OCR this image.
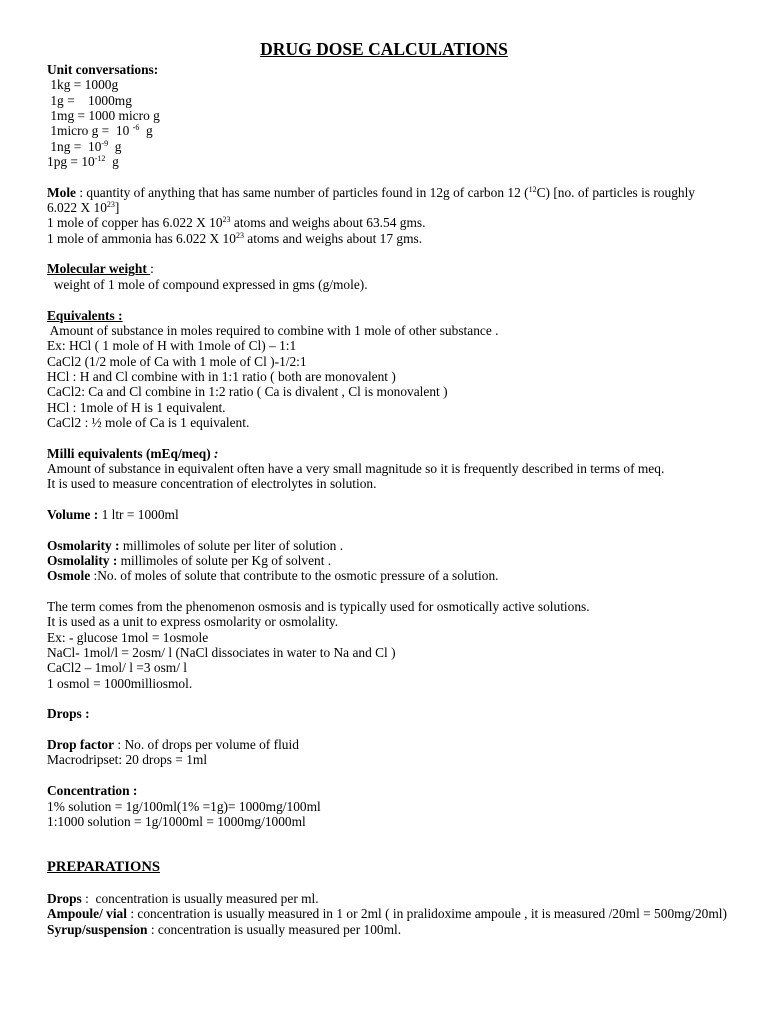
DRUG DOSE CALCULATIONS
Unit conversations:
1kg = 1000g
1g =    1000mg
1mg = 1000 micro g
1micro g =  10 $^{-6}$  g
$1ng = 10^{-9}$  g
$1pg = 10^{-12}$  g
Mole : quantity of anything that has same number of particles found in 12g of carbon 12 ($^{12}$C) [no. of particles is roughly 6.022 X $10^{23}$]
1 mole of copper has 6.022 X $10^{23}$ atoms and weighs about 63.54 gms.
1 mole of ammonia has 6.022 X $10^{23}$ atoms and weighs about 17 gms.
Molecular weight :
weight of 1 mole of compound expressed in gms (g/mole).
Equivalents :
Amount of substance in moles required to combine with 1 mole of other substance .
Ex: HCl ( 1 mole of H with 1mole of Cl) – 1:1
CaCl2 (1/2 mole of Ca with 1 mole of Cl )-1/2:1
HCl : H and Cl combine with in 1:1 ratio ( both are monovalent )
CaCl2: Ca and Cl combine in 1:2 ratio ( Ca is divalent , Cl is monovalent )
HCl : 1mole of H is 1 equivalent.
CaCl2 : ½ mole of Ca is 1 equivalent.
Milli equivalents (mEq/meq) :
Amount of substance in equivalent often have a very small magnitude so it is frequently described in terms of meq.
It is used to measure concentration of electrolytes in solution.
Volume : 1 ltr = 1000ml
Osmolarity : millimoles of solute per liter of solution .
Osmolality : millimoles of solute per Kg of solvent .
Osmole :No. of moles of solute that contribute to the osmotic pressure of a solution.
The term comes from the phenomenon osmosis and is typically used for osmotically active solutions.
It is used as a unit to express osmolarity or osmolality.
Ex: - glucose 1mol = 1osmole
NaCl- 1mol/l = 2osm/ l (NaCl dissociates in water to Na and Cl )
CaCl2 – 1mol/ l =3 osm/ l
1 osmol = 1000milliosmol.
Drops :
Drop factor : No. of drops per volume of fluid
Macrodripset: 20 drops = 1ml
Concentration :
1% solution = 1g/100ml(1% =1g)= 1000mg/100ml
1:1000 solution = 1g/1000ml = 1000mg/1000ml
PREPARATIONS
Drops :  concentration is usually measured per ml.
Ampoule/ vial : concentration is usually measured in 1 or 2ml ( in pralidoxime ampoule , it is measured /20ml = 500mg/20ml)
Syrup/suspension : concentration is usually measured per 100ml.
